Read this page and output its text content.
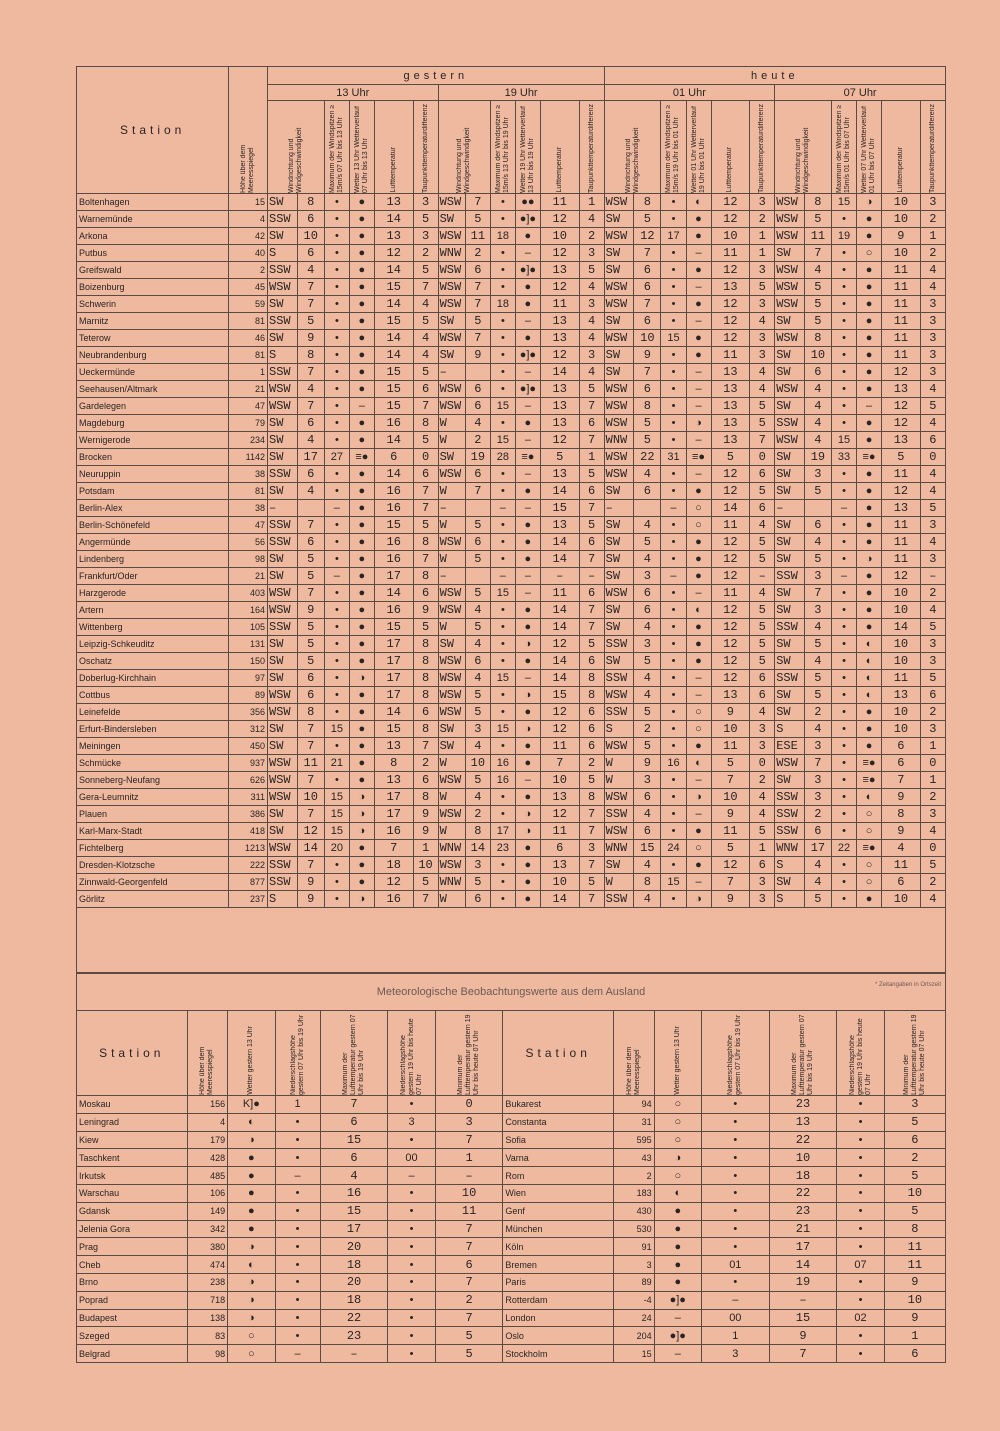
Station	Höhe über dem Meeresspiegel	gestern												heute											
		13 Uhr						19 Uhr						01 Uhr						07 Uhr					

		Windrichtung und Windgeschwindigkeit		Maximum der Windspitzen ≥ 15m/s 07 Uhr bis 13 Uhr	Wetter 13 Uhr Wetterverlauf 07 Uhr bis 13 Uhr	Lufttemperatur	Taupunkttemperaturdifferenz	Windrichtung und Windgeschwindigkeit		Maximum der Windspitzen ≥ 15m/s 13 Uhr bis 19 Uhr	Wetter 19 Uhr Wetterverlauf 13 Uhr bis 19 Uhr	Lufttemperatur	Taupunkttemperaturdifferenz	Windrichtung und Windgeschwindigkeit		Maximum der Windspitzen ≥ 15m/s 19 Uhr bis 01 Uhr	Wetter 01 Uhr Wetterverlauf 19 Uhr bis 01 Uhr	Lufttemperatur	Taupunkttemperaturdifferenz	Windrichtung und Windgeschwindigkeit		Maximum der Windspitzen ≥ 15m/s 01 Uhr bis 07 Uhr	Wetter 07 Uhr Wetterverlauf 01 Uhr bis 07 Uhr	Lufttemperatur	Taupunkttemperaturdifferenz

Boltenhagen	15	SW	8	•	●	13	3	WSW	7	•	●●	11	1	WSW	8	•	◐	12	3	WSW	8	15	◑	10	3
Warnemünde	4	SSW	6	•	●	14	5	SW	5	•	●]●	12	4	SW	5	•	●	12	2	WSW	5	•	●	10	2
Arkona	42	SW	10	•	●	13	3	WSW	11	18	●	10	2	WSW	12	17	●	10	1	WSW	11	19	●	9	1
Putbus	40	S	6	•	●	12	2	WNW	2	•	–	12	3	SW	7	•	–	11	1	SW	7	•	○	10	2
Greifswald	2	SSW	4	•	●	14	5	WSW	6	•	●]●	13	5	SW	6	•	●	12	3	WSW	4	•	●	11	4
Boizenburg	45	WSW	7	•	●	15	7	WSW	7	•	●	12	4	WSW	6	•	–	13	5	WSW	5	•	●	11	4
Schwerin	59	SW	7	•	●	14	4	WSW	7	18	●	11	3	WSW	7	•	●	12	3	WSW	5	•	●	11	3
Marnitz	81	SSW	5	•	●	15	5	SW	5	•	–	13	4	SW	6	•	–	12	4	SW	5	•	●	11	3
Teterow	46	SW	9	•	●	14	4	WSW	7	•	●	13	4	WSW	10	15	●	12	3	WSW	8	•	●	11	3
Neubrandenburg	81	S	8	•	●	14	4	SW	9	•	●]●	12	3	SW	9	•	●	11	3	SW	10	•	●	11	3
Ueckermünde	1	SSW	7	•	●	15	5	–		•	–	14	4	SW	7	•	–	13	4	SW	6	•	●	12	3
Seehausen/Altmark	21	WSW	4	•	●	15	6	WSW	6	•	●]●	13	5	WSW	6	•	–	13	4	WSW	4	•	●	13	4
Gardelegen	47	WSW	7	•	–	15	7	WSW	6	15	–	13	7	WSW	8	•	–	13	5	SW	4	•	–	12	5
Magdeburg	79	SW	6	•	●	16	8	W	4	•	●	13	6	WSW	5	•	◑	13	5	SSW	4	•	●	12	4
Wernigerode	234	SW	4	•	●	14	5	W	2	15	–	12	7	WNW	5	•	–	13	7	WSW	4	15	●	13	6
Brocken	1142	SW	17	27	≡●	6	0	SW	19	28	≡●	5	1	WSW	22	31	≡●	5	0	SW	19	33	≡●	5	0
Neuruppin	38	SSW	6	•	●	14	6	WSW	6	•	–	13	5	WSW	4	•	–	12	6	SW	3	•	●	11	4
Potsdam	81	SW	4	•	●	16	7	W	7	•	●	14	6	SW	6	•	●	12	5	SW	5	•	●	12	4
Berlin-Alex	38	–		–	●	16	7	–		–	–	15	7	–		–	○	14	6	–		–	●	13	5
Berlin-Schönefeld	47	SSW	7	•	●	15	5	W	5	•	●	13	5	SW	4	•	○	11	4	SW	6	•	●	11	3
Angermünde	56	SSW	6	•	●	16	8	WSW	6	•	●	14	6	SW	5	•	●	12	5	SW	4	•	●	11	4
Lindenberg	98	SW	5	•	●	16	7	W	5	•	●	14	7	SW	4	•	●	12	5	SW	5	•	◑	11	3
Frankfurt/Oder	21	SW	5	–	●	17	8	–		–	–	–	–	SW	3	–	●	12	–	SSW	3	–	●	12	–
Harzgerode	403	WSW	7	•	●	14	6	WSW	5	15	–	11	6	WSW	6	•	–	11	4	SW	7	•	●	10	2
Artern	164	WSW	9	•	●	16	9	WSW	4	•	●	14	7	SW	6	•	◐	12	5	SW	3	•	●	10	4
Wittenberg	105	SSW	5	•	●	15	5	W	5	•	●	14	7	SW	4	•	●	12	5	SSW	4	•	●	14	5
Leipzig-Schkeuditz	131	SW	5	•	●	17	8	SW	4	•	◑	12	5	SSW	3	•	●	12	5	SW	5	•	◐	10	3
Oschatz	150	SW	5	•	●	17	8	WSW	6	•	●	14	6	SW	5	•	●	12	5	SW	4	•	◐	10	3
Doberlug-Kirchhain	97	SW	6	•	◑	17	8	WSW	4	15	–	14	8	SSW	4	•	–	12	6	SSW	5	•	◐	11	5
Cottbus	89	WSW	6	•	●	17	8	WSW	5	•	◑	15	8	WSW	4	•	–	13	6	SW	5	•	◐	13	6
Leinefelde	356	WSW	8	•	●	14	6	WSW	5	•	●	12	6	SSW	5	•	○	9	4	SW	2	•	●	10	2
Erfurt-Bindersleben	312	SW	7	15	●	15	8	SW	3	15	◑	12	6	S	2	•	○	10	3	S	4	•	●	10	3
Meiningen	450	SW	7	•	●	13	7	SW	4	•	●	11	6	WSW	5	•	●	11	3	ESE	3	•	●	6	1
Schmücke	937	WSW	11	21	●	8	2	W	10	16	●	7	2	W	9	16	◐	5	0	WSW	7	•	≡●	6	0
Sonneberg-Neufang	626	WSW	7	•	●	13	6	WSW	5	16	–	10	5	W	3	•	–	7	2	SW	3	•	≡●	7	1
Gera-Leumnitz	311	WSW	10	15	◑	17	8	W	4	•	●	13	8	WSW	6	•	◑	10	4	SSW	3	•	◐	9	2
Plauen	386	SW	7	15	◑	17	9	WSW	2	•	◑	12	7	SSW	4	•	–	9	4	SSW	2	•	○	8	3
Karl-Marx-Stadt	418	SW	12	15	◑	16	9	W	8	17	◑	11	7	WSW	6	•	●	11	5	SSW	6	•	○	9	4
Fichtelberg	1213	WSW	14	20	●	7	1	WNW	14	23	●	6	3	WNW	15	24	○	5	1	WNW	17	22	≡●	4	0
Dresden-Klotzsche	222	SSW	7	•	●	18	10	WSW	3	•	●	13	7	SW	4	•	●	12	6	S	4	•	○	11	5
Zinnwald-Georgenfeld	877	SSW	9	•	●	12	5	WNW	5	•	●	10	5	W	8	15	–	7	3	SW	4	•	○	6	2
Görlitz	237	S	9	•	◑	16	7	W	6	•	●	14	7	SSW	4	•	◑	9	3	S	5	•	●	10	4

Meteorologische Beobachtungswerte aus dem Ausland
* Zeitangaben in Ortszeit													

Station	Höhe über dem Meeresspiegel	Wetter gestern 13 Uhr	Niederschlagshöhe gestern 07 Uhr bis 19 Uhr	Maximum der Lufttemperatur gestern 07 Uhr bis 19 Uhr	Niederschlagshöhe gestern 19 Uhr bis heute 07 Uhr	Minimum der Lufttemperatur gestern 19 Uhr bis heute 07 Uhr	Station	Höhe über dem Meeresspiegel	Wetter gestern 13 Uhr	Niederschlagshöhe gestern 07 Uhr bis 19 Uhr	Maximum der Lufttemperatur gestern 07 Uhr bis 19 Uhr	Niederschlagshöhe gestern 19 Uhr bis heute 07 Uhr	Minimum der Lufttemperatur gestern 19 Uhr bis heute 07 Uhr

Moskau	156	K]●	1	7	•	0	Bukarest	94	○	•	23	•	3
Leningrad	4	◐	•	6	3	3	Constanta	31	○	•	13	•	5
Kiew	179	◑	•	15	•	7	Sofia	595	○	•	22	•	6
Taschkent	428	●	•	6	00	1	Varna	43	◑	•	10	•	2
Irkutsk	485	●	–	4	–	–	Rom	2	○	•	18	•	5
Warschau	106	●	•	16	•	10	Wien	183	◐	•	22	•	10
Gdansk	149	●	•	15	•	11	Genf	430	●	•	23	•	5
Jelenia Gora	342	●	•	17	•	7	München	530	●	•	21	•	8
Prag	380	◑	•	20	•	7	Köln	91	●	•	17	•	11
Cheb	474	◐	•	18	•	6	Bremen	3	●	01	14	07	11
Brno	238	◑	•	20	•	7	Paris	89	●	•	19	•	9
Poprad	718	◑	•	18	•	2	Rotterdam	-4	●]●	–	–	•	10
Budapest	138	◑	•	22	•	7	London	24	–	00	15	02	9
Szeged	83	○	•	23	•	5	Oslo	204	●]●	1	9	•	1
Belgrad	98	○	–	–	•	5	Stockholm	15	–	3	7	•	6
